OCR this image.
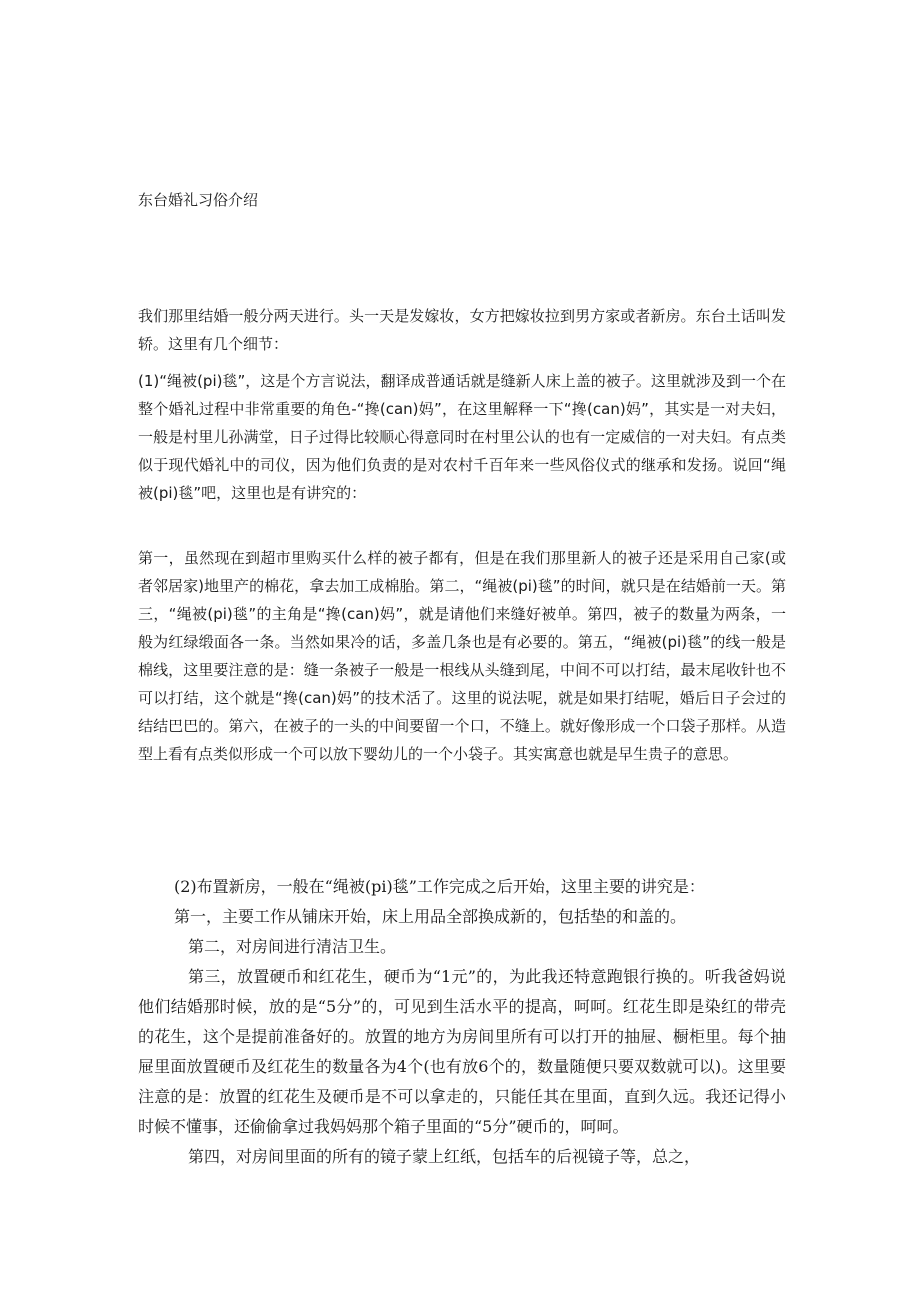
东台婚礼习俗介绍

我们那里结婚一般分两天进行。头一天是发嫁妆，女方把嫁妆拉到男方家或者新房。东台土话叫发轿。这里有几个细节：

(1)“绳被(pi)毯”，这是个方言说法，翻译成普通话就是缝新人床上盖的被子。这里就涉及到一个在整个婚礼过程中非常重要的角色-“搀(can)妈”，在这里解释一下“搀(can)妈”，其实是一对夫妇，一般是村里儿孙满堂，日子过得比较顺心得意同时在村里公认的也有一定威信的一对夫妇。有点类似于现代婚礼中的司仪，因为他们负责的是对农村千百年来一些风俗仪式的继承和发扬。说回“绳被(pi)毯”吧，这里也是有讲究的：

第一，虽然现在到超市里购买什么样的被子都有，但是在我们那里新人的被子还是采用自己家(或者邻居家)地里产的棉花，拿去加工成棉胎。第二，“绳被(pi)毯”的时间，就只是在结婚前一天。第三，“绳被(pi)毯”的主角是“搀(can)妈”，就是请他们来缝好被单。第四，被子的数量为两条，一般为红绿缎面各一条。当然如果冷的话，多盖几条也是有必要的。第五，“绳被(pi)毯”的线一般是棉线，这里要注意的是：缝一条被子一般是一根线从头缝到尾，中间不可以打结，最末尾收针也不可以打结，这个就是“搀(can)妈”的技术活了。这里的说法呢，就是如果打结呢，婚后日子会过的结结巴巴的。第六，在被子的一头的中间要留一个口，不缝上。就好像形成一个口袋子那样。从造型上看有点类似形成一个可以放下婴幼儿的一个小袋子。其实寓意也就是早生贵子的意思。

(2)布置新房，一般在“绳被(pi)毯”工作完成之后开始，这里主要的讲究是：

第一，主要工作从铺床开始，床上用品全部换成新的，包括垫的和盖的。

第二，对房间进行清洁卫生。

第三，放置硬币和红花生，硬币为“1元”的，为此我还特意跑银行换的。听我爸妈说他们结婚那时候，放的是“5分”的，可见到生活水平的提高，呵呵。红花生即是染红的带壳的花生，这个是提前准备好的。放置的地方为房间里所有可以打开的抽屉、橱柜里。每个抽屉里面放置硬币及红花生的数量各为4个(也有放6个的，数量随便只要双数就可以)。这里要注意的是：放置的红花生及硬币是不可以拿走的，只能任其在里面，直到久远。我还记得小时候不懂事，还偷偷拿过我妈妈那个箱子里面的“5分”硬币的，呵呵。

第四，对房间里面的所有的镜子蒙上红纸，包括车的后视镜子等，总之，
